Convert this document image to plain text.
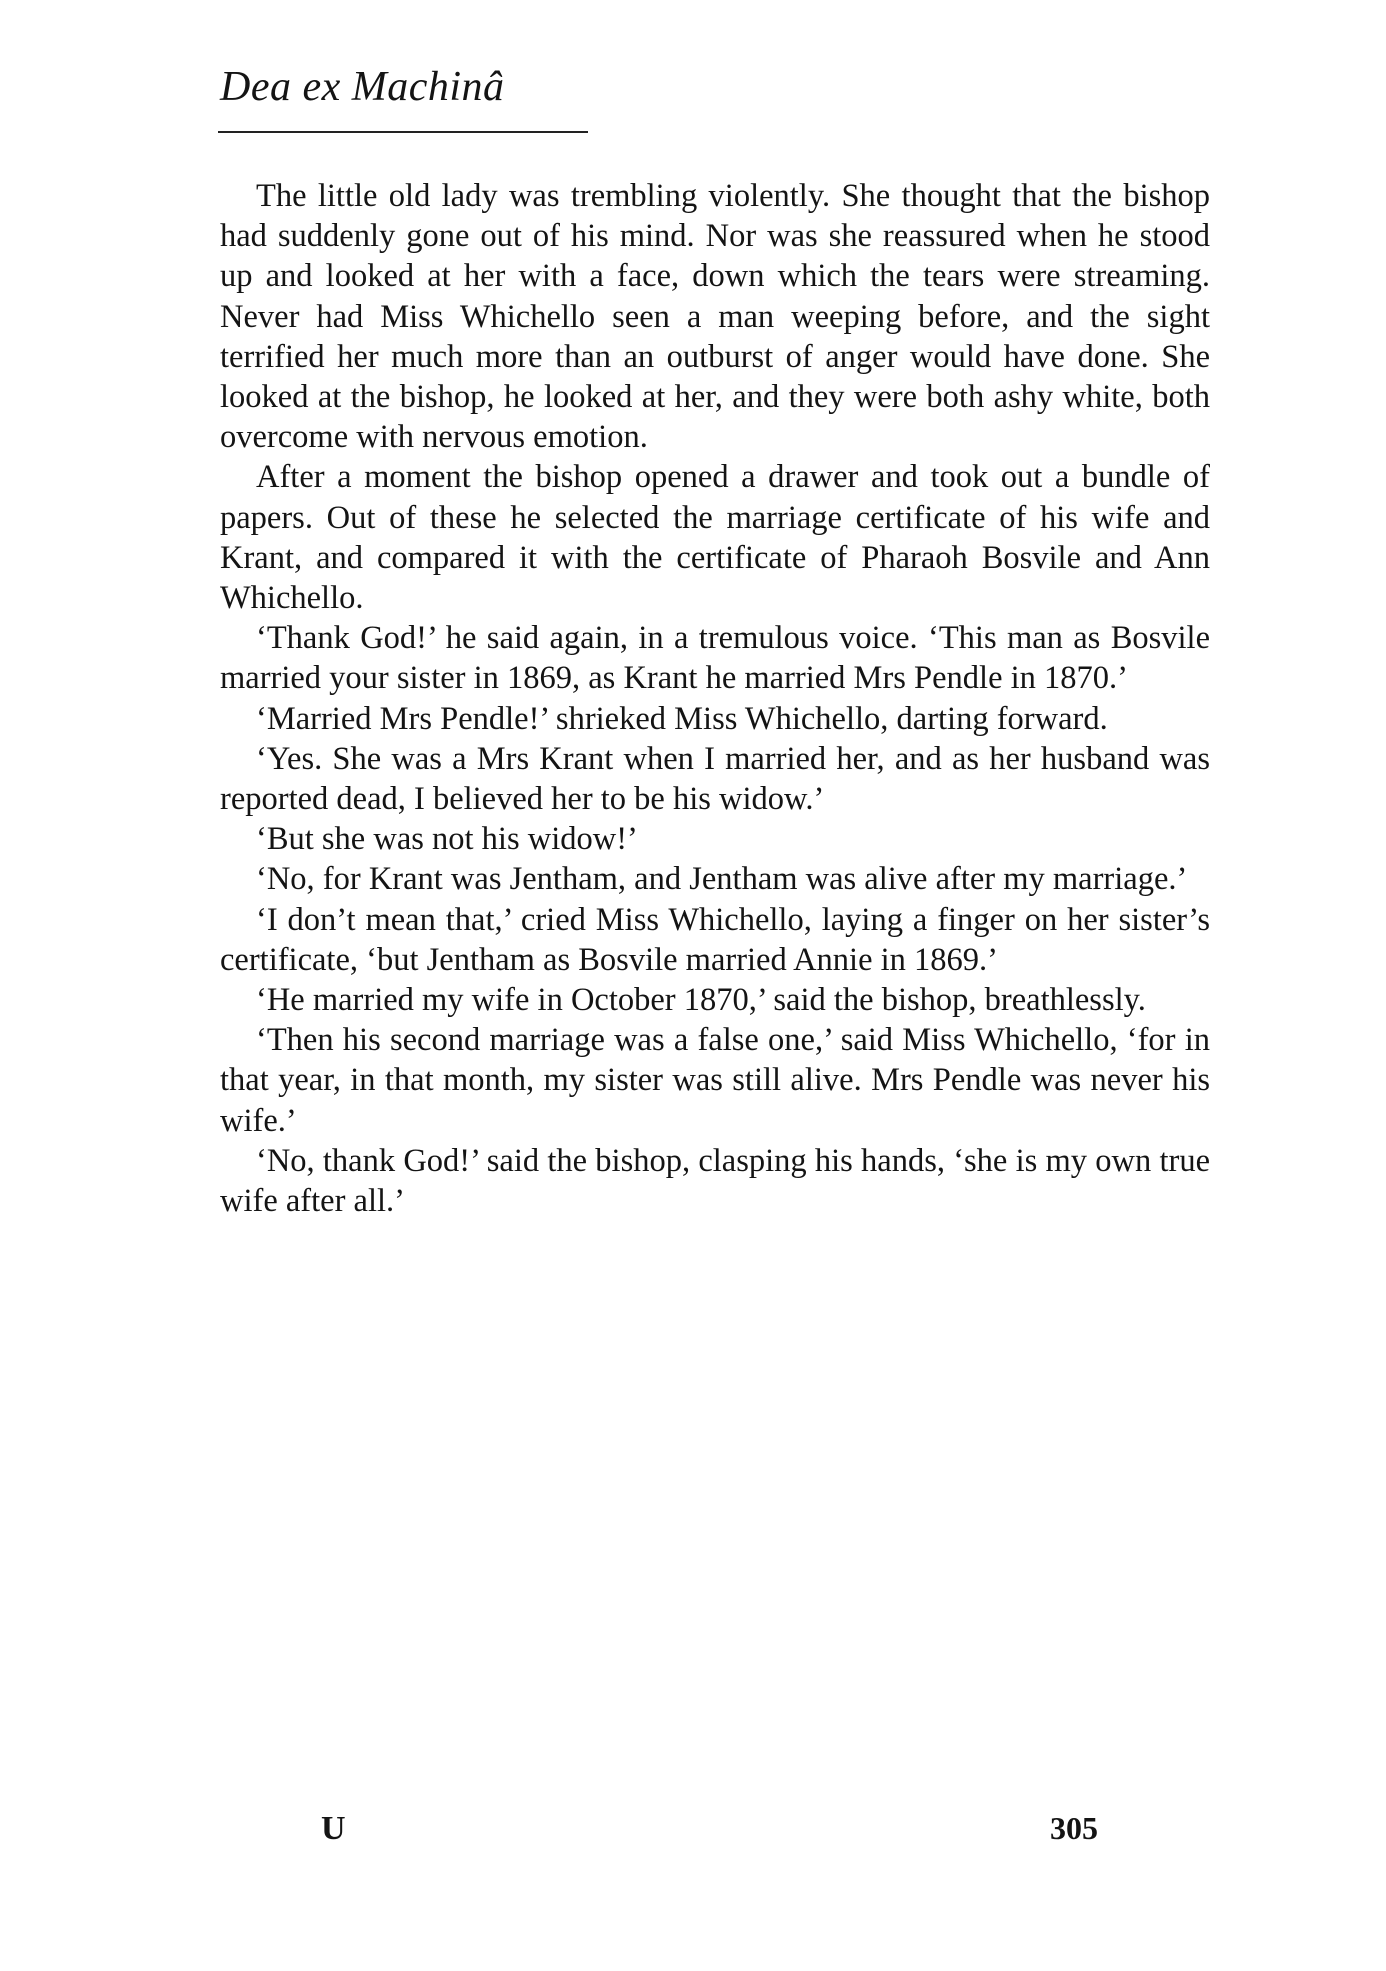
Dea ex Machinâ

The little old lady was trembling violently. She thought that the bishop had suddenly gone out of his mind. Nor was she reassured when he stood up and looked at her with a face, down which the tears were streaming. Never had Miss Whichello seen a man weeping before, and the sight terrified her much more than an outburst of anger would have done. She looked at the bishop, he looked at her, and they were both ashy white, both overcome with nervous emotion.

After a moment the bishop opened a drawer and took out a bundle of papers. Out of these he selected the marriage certificate of his wife and Krant, and compared it with the certificate of Pharaoh Bosvile and Ann Whichello.

‘Thank God!’ he said again, in a tremulous voice. ‘This man as Bosvile married your sister in 1869, as Krant he married Mrs Pendle in 1870.’

‘Married Mrs Pendle!’ shrieked Miss Whichello, darting forward.

‘Yes. She was a Mrs Krant when I married her, and as her husband was reported dead, I believed her to be his widow.’

‘But she was not his widow!’

‘No, for Krant was Jentham, and Jentham was alive after my marriage.’

‘I don’t mean that,’ cried Miss Whichello, laying a finger on her sister’s certificate, ‘but Jentham as Bosvile married Annie in 1869.’

‘He married my wife in October 1870,’ said the bishop, breathlessly.

‘Then his second marriage was a false one,’ said Miss Whichello, ‘for in that year, in that month, my sister was still alive. Mrs Pendle was never his wife.’

‘No, thank God!’ said the bishop, clasping his hands, ‘she is my own true wife after all.’

U	305
